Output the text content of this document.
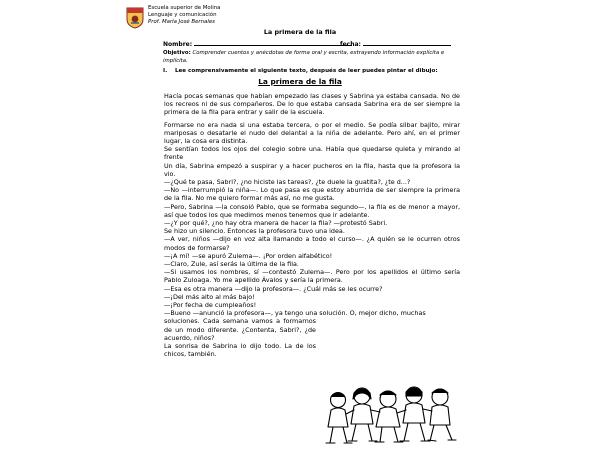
Escuela superior de Molina
Lenguaje y comunicación
Prof. María José Bernales
La primera de la fila
Nombre:	fecha:
Objetivo: Comprender cuentos y anécdotas de forma oral y escrita, extrayendo información explícita e implícita.
I. Lee comprensivamente el siguiente texto, después de leer puedes pintar el dibujo:
La primera de la fila

Hacía pocas semanas que habían empezado las clases y Sabrina ya estaba cansada. No de los recreos ni de sus compañeros. De lo que estaba cansada Sabrina era de ser siempre la primera de la fila para entrar y salir de la escuela.

Formarse no era nada si una estaba tercera, o por el medio. Se podía silbar bajito, mirar mariposas o desatarle el nudo del delantal a la niña de adelante. Pero ahí, en el primer lugar, la cosa era distinta.

Se sentían todos los ojos del colegio sobre una. Había que quedarse quieta y mirando al frente

Un día, Sabrina empezó a suspirar y a hacer pucheros en la fila, hasta que la profesora la vio.

—¿Qué te pasa, Sabri?, ¿no hiciste las tareas?, ¿te duele la guatita?, ¿te d...?

—No —interrumpió la niña—. Lo que pasa es que estoy aburrida de ser siempre la primera de la fila. No me quiero formar más así, no me gusta.

—Pero, Sabrina —la consoló Pablo, que se formaba segundo—, la fila es de menor a mayor, así que todos los que medimos menos tenemos que ir adelante.

—¿Y por qué?, ¿no hay otra manera de hacer la fila? —protestó Sabri.

Se hizo un silencio. Entonces la profesora tuvo una idea.

—A ver, niños —dijo en voz alta llamando a todo el curso—. ¿A quién se le ocurren otros modos de formarse?

—¡A mí! —se apuró Zulema—. ¡Por orden alfabético!

—Claro, Zule, así serás la última de la fila.

—Si usamos los nombres, sí —contestó Zulema—. Pero por los apellidos el último sería Pablo Zuloaga. Yo me apellido Ávalos y sería la primera.

—Esa es otra manera —dijo la profesora—. ¿Cuál más se les ocurre?

—¡Del más alto al más bajo!

—¡Por fecha de cumpleaños!

—Bueno —anunció la profesora—, ya tengo una solución. O, mejor dicho, muchas

soluciones. Cada semana vamos a formarnos de un modo diferente. ¿Contenta, Sabri?, ¿de acuerdo, niños?

La sonrisa de Sabrina lo dijo todo. La de los chicos, también.
